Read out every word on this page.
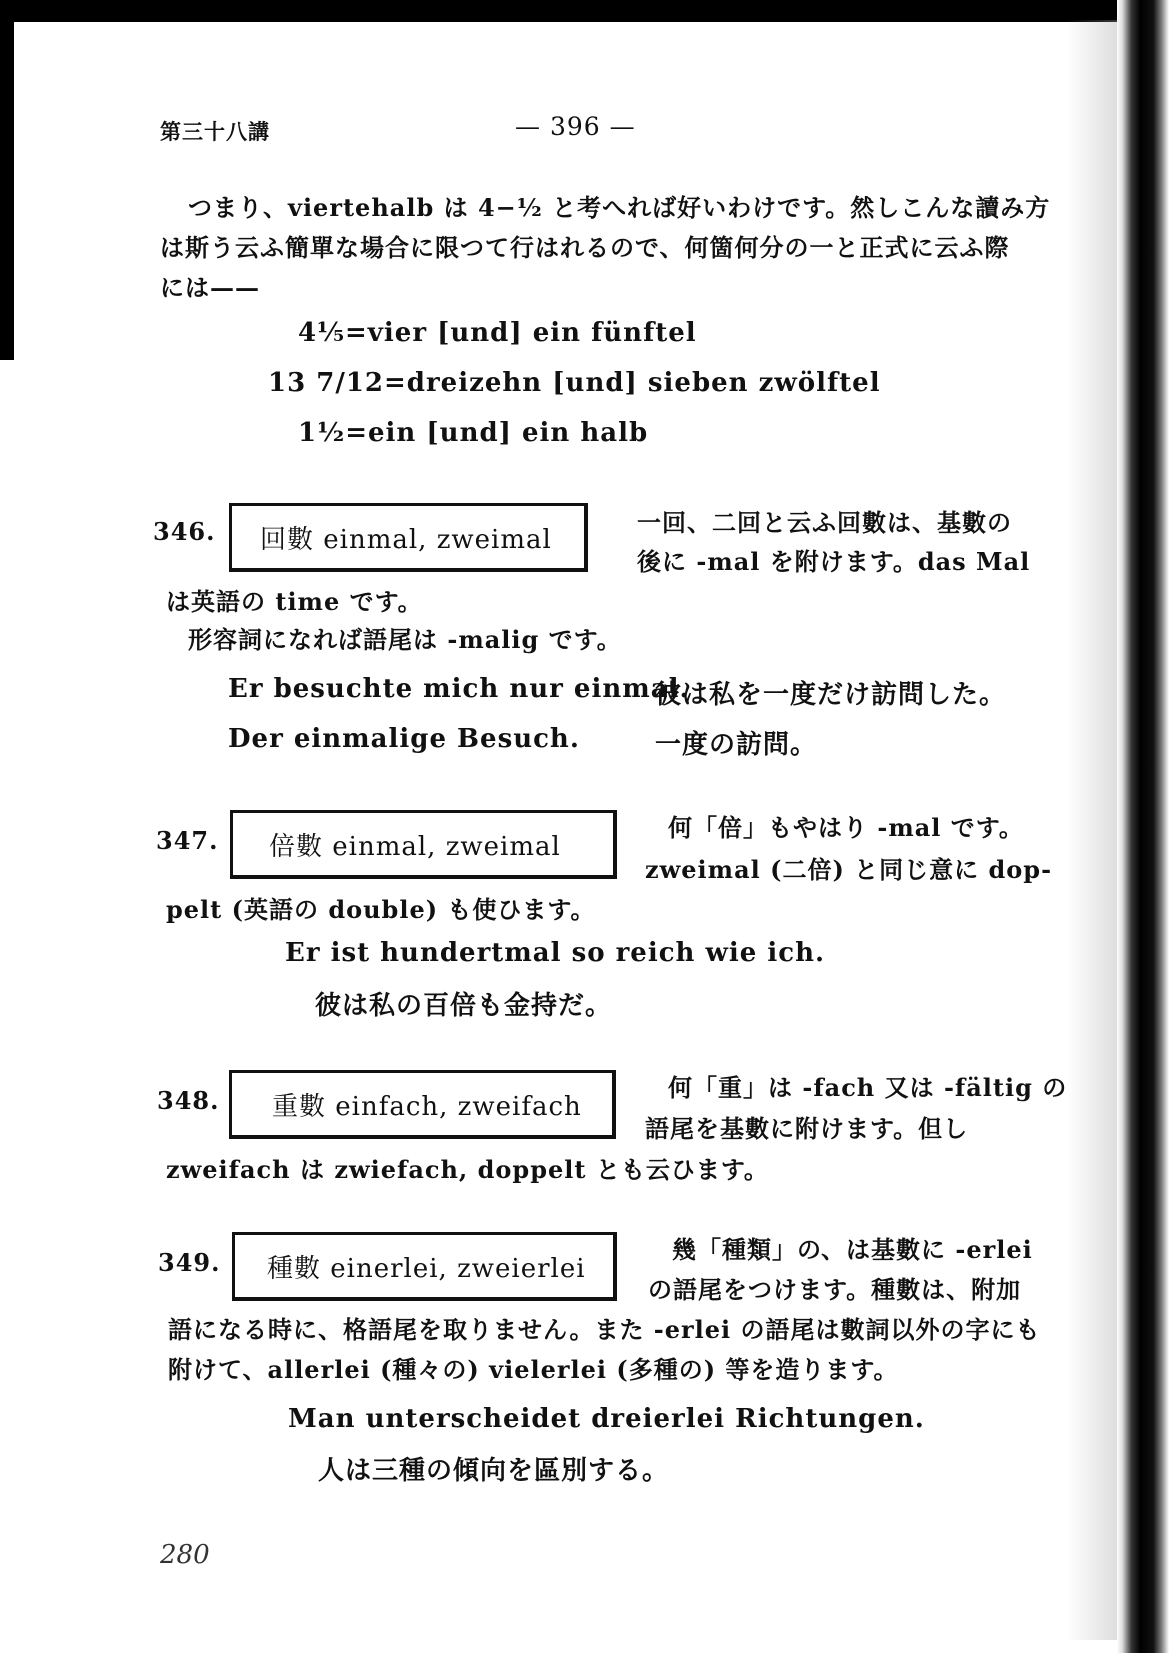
第三十八講	— 396 —
つまり、viertehalb は 4−½ と考へれば好いわけです。然しこんな讀み方
は斯う云ふ簡單な場合に限つて行はれるので、何箇何分の一と正式に云ふ際
には——
4⅕=vier [und] ein fünftel
13 7/12=dreizehn [und] sieben zwölftel
1½=ein [und] ein halb
346. 回數 einmal, zweimal
一回、二回と云ふ回數は、基數の
後に -mal を附けます。das Mal
は英語の time です。
形容詞になれば語尾は -malig です。
Er besuchte mich nur einmal.
彼は私を一度だけ訪問した。
Der einmalige Besuch.	一度の訪問。
347. 倍數 einmal, zweimal
何「倍」もやはり -mal です。
zweimal (二倍) と同じ意に dop-
pelt (英語の double) も使ひます。
Er ist hundertmal so reich wie ich.
彼は私の百倍も金持だ。
348. 重數 einfach, zweifach
何「重」は -fach 又は -fältig の
語尾を基數に附けます。但し
zweifach は zwiefach, doppelt とも云ひます。
349. 種數 einerlei, zweierlei
幾「種類」の、は基數に -erlei
の語尾をつけます。種數は、附加
語になる時に、格語尾を取りません。また -erlei の語尾は數詞以外の字にも
附けて、allerlei (種々の) vielerlei (多種の) 等を造ります。
Man unterscheidet dreierlei Richtungen.
人は三種の傾向を區別する。
280
